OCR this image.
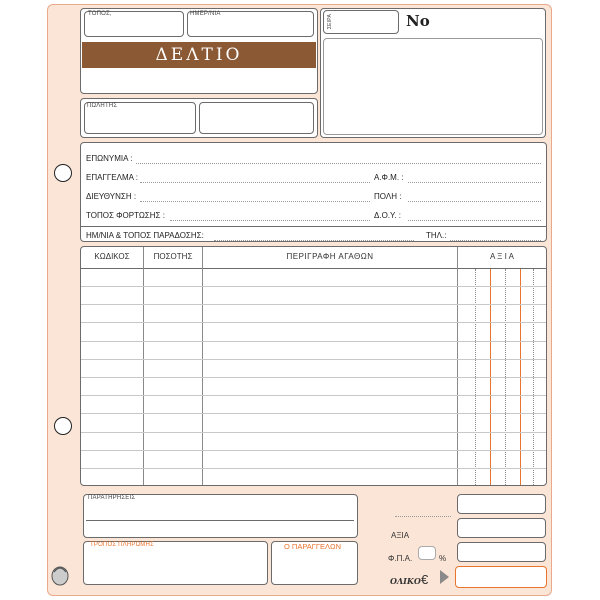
ΤΟΠΟΣ,	ΗΜΕΡ/ΝΙΑ
ΔΕΛΤΙΟ ΠΑΡΑΓΓΕΛΙΑΣ
ΠΩΛΗΤΗΣ
ΣΕΙΡΑ	No
ΕΠΩΝΥΜΙΑ :
ΕΠΑΓΓΕΛΜΑ :	Α.Φ.Μ. :
ΔΙΕΥΘΥΝΣΗ :	ΠΟΛΗ :
ΤΟΠΟΣ ΦΟΡΤΩΣΗΣ :	Δ.Ο.Υ. :
ΗΜ/ΝΙΑ & ΤΟΠΟΣ ΠΑΡΑΔΟΣΗΣ:	ΤΗΛ.:
ΚΩΔΙΚΟΣ	ΠΟΣΟΤΗΣ	ΠΕΡΙΓΡΑΦΗ ΑΓΑΘΩΝ	Α Ξ Ι Α
ΠΑΡΑΤΗΡΗΣΕΙΣ
ΤΡΟΠΟΣ ΠΛΗΡΩΜΗΣ	Ο ΠΑΡΑΓΓΕΛΩΝ
ΑΞΙΑ
Φ.Π.Α.	%
ΟΛΙΚΟ €
